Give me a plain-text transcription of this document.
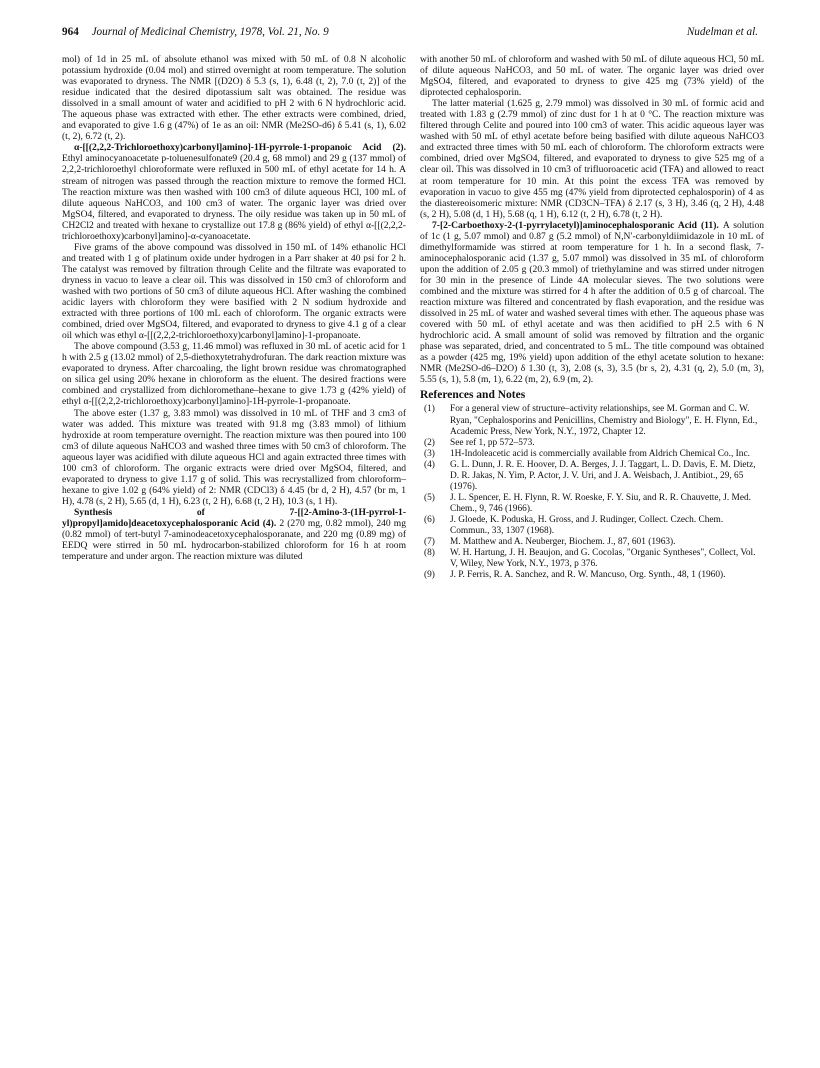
964 Journal of Medicinal Chemistry, 1978, Vol. 21, No. 9	Nudelman et al.

mol) of 1d in 25 mL of absolute ethanol was mixed with 50 mL of 0.8 N alcoholic potassium hydroxide (0.04 mol) and stirred overnight at room temperature. The solution was evaporated to dryness. The NMR [(D2O) δ 5.3 (s, 1), 6.48 (t, 2), 7.0 (t, 2)] of the residue indicated that the desired dipotassium salt was obtained. The residue was dissolved in a small amount of water and acidified to pH 2 with 6 N hydrochloric acid. The aqueous phase was extracted with ether. The ether extracts were combined, dried, and evaporated to give 1.6 g (47%) of 1e as an oil: NMR (Me2SO-d6) δ 5.41 (s, 1), 6.02 (t, 2), 6.72 (t, 2).

α-[[(2,2,2-Trichloroethoxy)carbonyl]amino]-1H-pyrrole-1-propanoic Acid (2). Ethyl aminocyanoacetate p-toluenesulfonate9 (20.4 g, 68 mmol) and 29 g (137 mmol) of 2,2,2-trichloroethyl chloroformate were refluxed in 500 mL of ethyl acetate for 14 h. A stream of nitrogen was passed through the reaction mixture to remove the formed HCl. The reaction mixture was then washed with 100 cm3 of dilute aqueous HCl, 100 mL of dilute aqueous NaHCO3, and 100 cm3 of water. The organic layer was dried over MgSO4, filtered, and evaporated to dryness. The oily residue was taken up in 50 mL of CH2Cl2 and treated with hexane to crystallize out 17.8 g (86% yield) of ethyl α-[[(2,2,2-trichloroethoxy)carbonyl]amino]-α-cyanoacetate.

Five grams of the above compound was dissolved in 150 mL of 14% ethanolic HCl and treated with 1 g of platinum oxide under hydrogen in a Parr shaker at 40 psi for 2 h. The catalyst was removed by filtration through Celite and the filtrate was evaporated to dryness in vacuo to leave a clear oil. This was dissolved in 150 cm3 of chloroform and washed with two portions of 50 cm3 of dilute aqueous HCl. After washing the combined acidic layers with chloroform they were basified with 2 N sodium hydroxide and extracted with three portions of 100 mL each of chloroform. The organic extracts were combined, dried over MgSO4, filtered, and evaporated to dryness to give 4.1 g of a clear oil which was ethyl α-[[(2,2,2-trichloroethoxy)carbonyl]amino]-1-propanoate.

The above compound (3.53 g, 11.46 mmol) was refluxed in 30 mL of acetic acid for 1 h with 2.5 g (13.02 mmol) of 2,5-diethoxytetrahydrofuran. The dark reaction mixture was evaporated to dryness. After charcoaling, the light brown residue was chromatographed on silica gel using 20% hexane in chloroform as the eluent. The desired fractions were combined and crystallized from dichloromethane–hexane to give 1.73 g (42% yield) of ethyl α-[[(2,2,2-trichloroethoxy)carbonyl]amino]-1H-pyrrole-1-propanoate.

The above ester (1.37 g, 3.83 mmol) was dissolved in 10 mL of THF and 3 cm3 of water was added. This mixture was treated with 91.8 mg (3.83 mmol) of lithium hydroxide at room temperature overnight. The reaction mixture was then poured into 100 cm3 of dilute aqueous NaHCO3 and washed three times with 50 cm3 of chloroform. The aqueous layer was acidified with dilute aqueous HCl and again extracted three times with 100 cm3 of chloroform. The organic extracts were dried over MgSO4, filtered, and evaporated to dryness to give 1.17 g of solid. This was recrystallized from chloroform–hexane to give 1.02 g (64% yield) of 2: NMR (CDCl3) δ 4.45 (br d, 2 H), 4.57 (br m, 1 H), 4.78 (s, 2 H), 5.65 (d, 1 H), 6.23 (t, 2 H), 6.68 (t, 2 H), 10.3 (s, 1 H).

Synthesis of 7-[[2-Amino-3-(1H-pyrrol-1-yl)propyl]amido]deacetoxycephalosporanic Acid (4). 2 (270 mg, 0.82 mmol), 240 mg (0.82 mmol) of tert-butyl 7-aminodeacetoxycephalosporanate, and 220 mg (0.89 mg) of EEDQ were stirred in 50 mL hydrocarbon-stabilized chloroform for 16 h at room temperature and under argon. The reaction mixture was diluted

with another 50 mL of chloroform and washed with 50 mL of dilute aqueous HCl, 50 mL of dilute aqueous NaHCO3, and 50 mL of water. The organic layer was dried over MgSO4, filtered, and evaporated to dryness to give 425 mg (73% yield) of the diprotected cephalosporin.

The latter material (1.625 g, 2.79 mmol) was dissolved in 30 mL of formic acid and treated with 1.83 g (2.79 mmol) of zinc dust for 1 h at 0 °C. The reaction mixture was filtered through Celite and poured into 100 cm3 of water. This acidic aqueous layer was washed with 50 mL of ethyl acetate before being basified with dilute aqueous NaHCO3 and extracted three times with 50 mL each of chloroform. The chloroform extracts were combined, dried over MgSO4, filtered, and evaporated to dryness to give 525 mg of a clear oil. This was dissolved in 10 cm3 of trifluoroacetic acid (TFA) and allowed to react at room temperature for 10 min. At this point the excess TFA was removed by evaporation in vacuo to give 455 mg (47% yield from diprotected cephalosporin) of 4 as the diastereoisomeric mixture: NMR (CD3CN–TFA) δ 2.17 (s, 3 H), 3.46 (q, 2 H), 4.48 (s, 2 H), 5.08 (d, 1 H), 5.68 (q, 1 H), 6.12 (t, 2 H), 6.78 (t, 2 H).

7-[2-Carboethoxy-2-(1-pyrrylacetyl)]aminocephalosporanic Acid (11). A solution of 1c (1 g, 5.07 mmol) and 0.87 g (5.2 mmol) of N,N′-carbonyldiimidazole in 10 mL of dimethylformamide was stirred at room temperature for 1 h. In a second flask, 7-aminocephalosporanic acid (1.37 g, 5.07 mmol) was dissolved in 35 mL of chloroform upon the addition of 2.05 g (20.3 mmol) of triethylamine and was stirred under nitrogen for 30 min in the presence of Linde 4A molecular sieves. The two solutions were combined and the mixture was stirred for 4 h after the addition of 0.5 g of charcoal. The reaction mixture was filtered and concentrated by flash evaporation, and the residue was dissolved in 25 mL of water and washed several times with ether. The aqueous phase was covered with 50 mL of ethyl acetate and was then acidified to pH 2.5 with 6 N hydrochloric acid. A small amount of solid was removed by filtration and the organic phase was separated, dried, and concentrated to 5 mL. The title compound was obtained as a powder (425 mg, 19% yield) upon addition of the ethyl acetate solution to hexane: NMR (Me2SO-d6–D2O) δ 1.30 (t, 3), 2.08 (s, 3), 3.5 (br s, 2), 4.31 (q, 2), 5.0 (m, 3), 5.55 (s, 1), 5.8 (m, 1), 6.22 (m, 2), 6.9 (m, 2).

References and Notes
(1) For a general view of structure–activity relationships, see M. Gorman and C. W. Ryan, "Cephalosporins and Penicillins, Chemistry and Biology", E. H. Flynn, Ed., Academic Press, New York, N.Y., 1972, Chapter 12.
(2) See ref 1, pp 572–573.
(3) 1H-Indoleacetic acid is commercially available from Aldrich Chemical Co., Inc.
(4) G. L. Dunn, J. R. E. Hoover, D. A. Berges, J. J. Taggart, L. D. Davis, E. M. Dietz, D. R. Jakas, N. Yim, P. Actor, J. V. Uri, and J. A. Weisbach, J. Antibiot., 29, 65 (1976).
(5) J. L. Spencer, E. H. Flynn, R. W. Roeske, F. Y. Siu, and R. R. Chauvette, J. Med. Chem., 9, 746 (1966).
(6) J. Gloede, K. Poduska, H. Gross, and J. Rudinger, Collect. Czech. Chem. Commun., 33, 1307 (1968).
(7) M. Matthew and A. Neuberger, Biochem. J., 87, 601 (1963).
(8) W. H. Hartung, J. H. Beaujon, and G. Cocolas, "Organic Syntheses", Collect, Vol. V, Wiley, New York, N.Y., 1973, p 376.
(9) J. P. Ferris, R. A. Sanchez, and R. W. Mancuso, Org. Synth., 48, 1 (1960).
